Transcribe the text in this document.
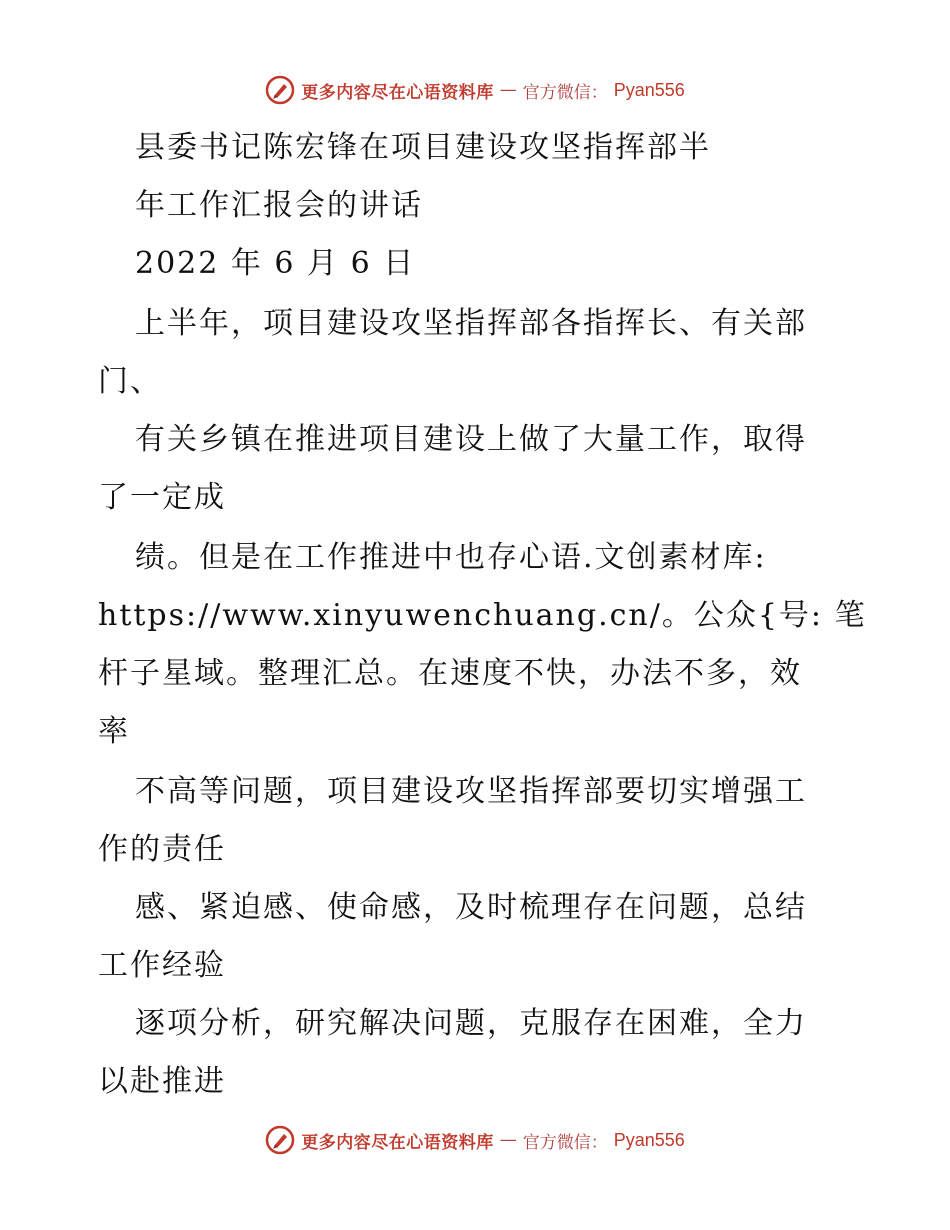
更多内容尽在心语资料库 — 官方微信： Pyan556
县委书记陈宏锋在项目建设攻坚指挥部半
年工作汇报会的讲话
2022 年 6 月 6 日
上半年，项目建设攻坚指挥部各指挥长、有关部
门、
有关乡镇在推进项目建设上做了大量工作，取得
了一定成
绩。但是在工作推进中也存心语.文创素材库:
https://www.xinyuwenchuang.cn/。公众{号: 笔
杆子星域。整理汇总。在速度不快，办法不多，效
率
不高等问题，项目建设攻坚指挥部要切实增强工
作的责任
感、紧迫感、使命感，及时梳理存在问题，总结
工作经验
逐项分析，研究解决问题，克服存在困难，全力
以赴推进
更多内容尽在心语资料库 — 官方微信： Pyan556
